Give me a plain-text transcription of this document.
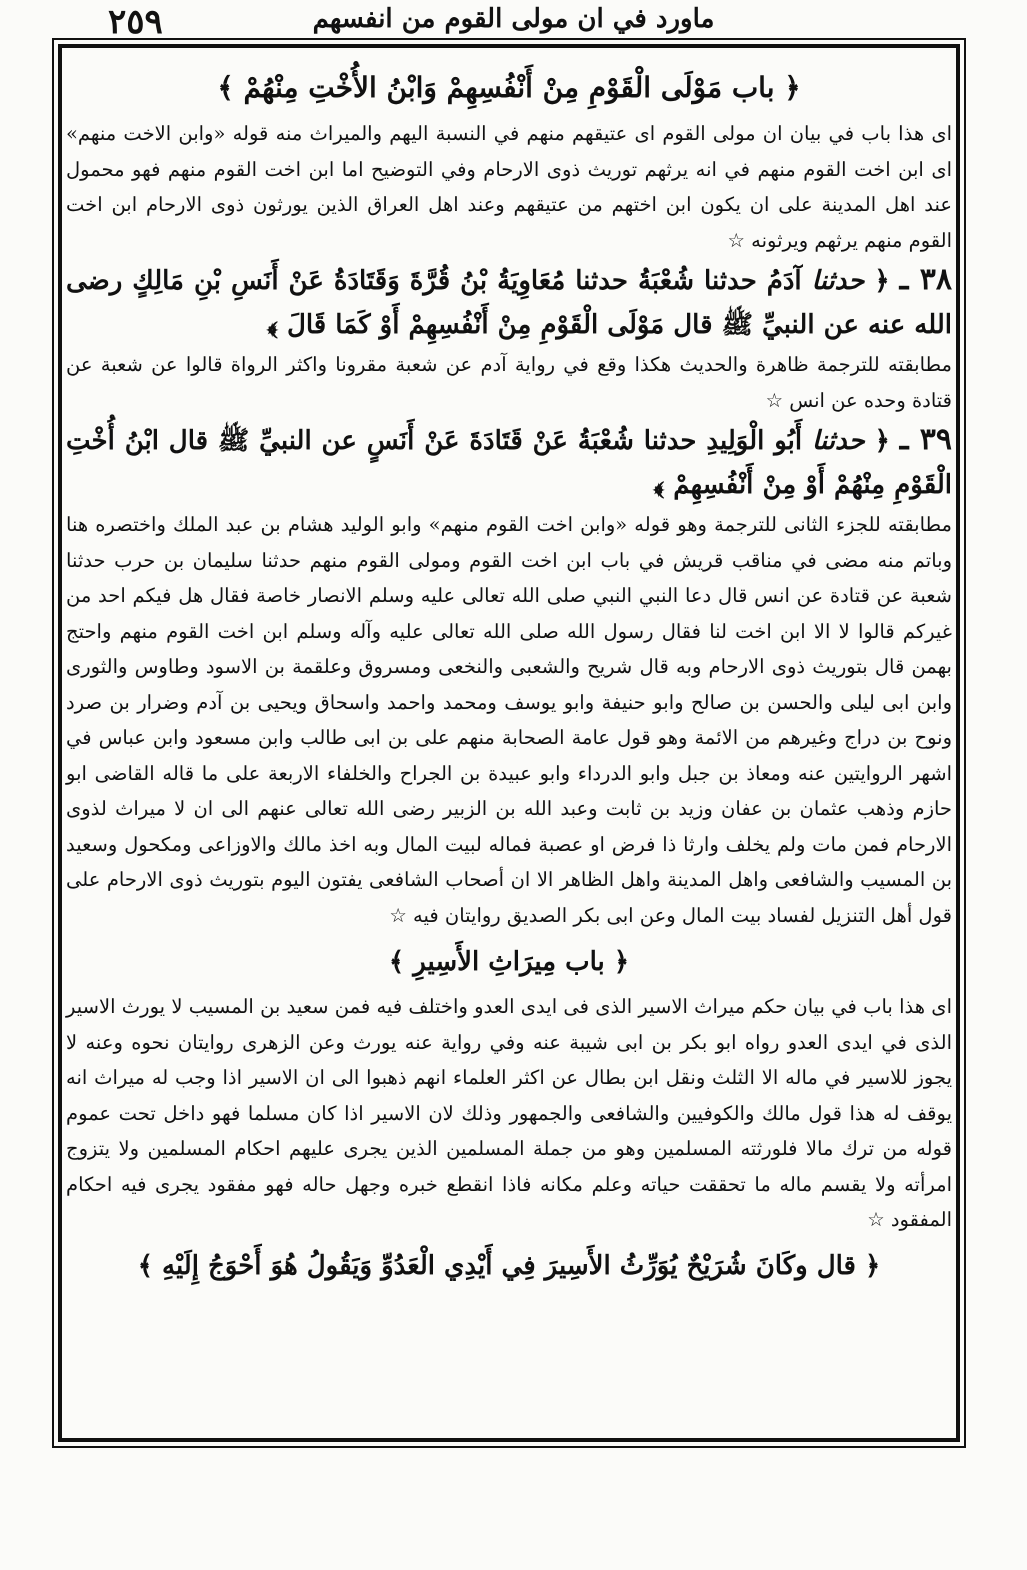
٢٥٩	ماورد في ان مولى القوم من انفسهم
﴿ باب مَوْلَى الْقَوْمِ مِنْ أَنْفُسِهِمْ وَابْنُ الأُخْتِ مِنْهُمْ ﴾

اى هذا باب في بيان ان مولى القوم اى عتيقهم منهم في النسبة اليهم والميراث منه قوله «وابن الاخت منهم» اى ابن اخت القوم منهم في انه يرثهم توريث ذوى الارحام وفي التوضيح اما ابن اخت القوم منهم فهو محمول عند اهل المدينة على ان يكون ابن اختهم من عتيقهم وعند اهل العراق الذين يورثون ذوى الارحام ابن اخت القوم منهم يرثهم ويرثونه ☆

٣٨ ـ ﴿ حدثنا آدَمُ حدثنا شُعْبَةُ حدثنا مُعَاوِيَةُ بْنُ قُرَّةَ وَقَتَادَةُ عَنْ أَنَسِ بْنِ مَالِكٍ رضى الله عنه عن النبيِّ ﷺ قال مَوْلَى الْقَوْمِ مِنْ أَنْفُسِهِمْ أَوْ كَمَا قَالَ ﴾

مطابقته للترجمة ظاهرة والحديث هكذا وقع في رواية آدم عن شعبة مقرونا واكثر الرواة قالوا عن شعبة عن قتادة وحده عن انس ☆

٣٩ ـ ﴿ حدثنا أَبُو الْوَلِيدِ حدثنا شُعْبَةُ عَنْ قَتَادَةَ عَنْ أَنَسٍ عن النبيِّ ﷺ قال ابْنُ أُخْتِ الْقَوْمِ مِنْهُمْ أَوْ مِنْ أَنْفُسِهِمْ ﴾

مطابقته للجزء الثانى للترجمة وهو قوله «وابن اخت القوم منهم» وابو الوليد هشام بن عبد الملك واختصره هنا وباتم منه مضى في مناقب قريش في باب ابن اخت القوم ومولى القوم منهم حدثنا سليمان بن حرب حدثنا شعبة عن قتادة عن انس قال دعا النبي النبي صلى الله تعالى عليه وسلم الانصار خاصة فقال هل فيكم احد من غيركم قالوا لا الا ابن اخت لنا فقال رسول الله صلى الله تعالى عليه وآله وسلم ابن اخت القوم منهم واحتج بهمن قال بتوريث ذوى الارحام وبه قال شريح والشعبى والنخعى ومسروق وعلقمة بن الاسود وطاوس والثورى وابن ابى ليلى والحسن بن صالح وابو حنيفة وابو يوسف ومحمد واحمد واسحاق ويحيى بن آدم وضرار بن صرد ونوح بن دراج وغيرهم من الائمة وهو قول عامة الصحابة منهم على بن ابى طالب وابن مسعود وابن عباس في اشهر الروايتين عنه ومعاذ بن جبل وابو الدرداء وابو عبيدة بن الجراح والخلفاء الاربعة على ما قاله القاضى ابو حازم وذهب عثمان بن عفان وزيد بن ثابت وعبد الله بن الزبير رضى الله تعالى عنهم الى ان لا ميراث لذوى الارحام فمن مات ولم يخلف وارثا ذا فرض او عصبة فماله لبيت المال وبه اخذ مالك والاوزاعى ومكحول وسعيد بن المسيب والشافعى واهل المدينة واهل الظاهر الا ان أصحاب الشافعى يفتون اليوم بتوريث ذوى الارحام على قول أهل التنزيل لفساد بيت المال وعن ابى بكر الصديق روايتان فيه ☆

﴿ باب مِيرَاثِ الأَسِيرِ ﴾

اى هذا باب في بيان حكم ميراث الاسير الذى فى ايدى العدو واختلف فيه فمن سعيد بن المسيب لا يورث الاسير الذى في ايدى العدو رواه ابو بكر بن ابى شيبة عنه وفي رواية عنه يورث وعن الزهرى روايتان نحوه وعنه لا يجوز للاسير في ماله الا الثلث ونقل ابن بطال عن اكثر العلماء انهم ذهبوا الى ان الاسير اذا وجب له ميراث انه يوقف له هذا قول مالك والكوفيين والشافعى والجمهور وذلك لان الاسير اذا كان مسلما فهو داخل تحت عموم قوله من ترك مالا فلورثته المسلمين وهو من جملة المسلمين الذين يجرى عليهم احكام المسلمين ولا يتزوج امرأته ولا يقسم ماله ما تحققت حياته وعلم مكانه فاذا انقطع خبره وجهل حاله فهو مفقود يجرى فيه احكام المفقود ☆

﴿ قال وكَانَ شُرَيْحٌ يُوَرِّثُ الأَسِيرَ فِي أَيْدِي الْعَدُوِّ وَيَقُولُ هُوَ أَحْوَجُ إِلَيْهِ ﴾
